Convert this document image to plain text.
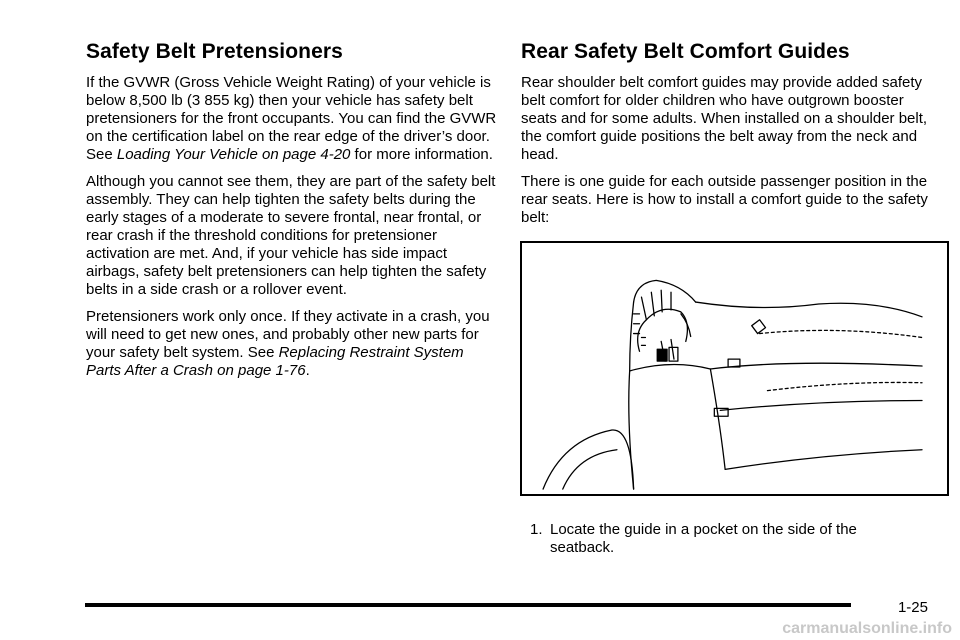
Safety Belt Pretensioners

If the GVWR (Gross Vehicle Weight Rating) of your vehicle is below 8,500 lb (3 855 kg) then your vehicle has safety belt pretensioners for the front occupants. You can find the GVWR on the certification label on the rear edge of the driver’s door. See Loading Your Vehicle on page 4-20 for more information.

Although you cannot see them, they are part of the safety belt assembly. They can help tighten the safety belts during the early stages of a moderate to severe frontal, near frontal, or rear crash if the threshold conditions for pretensioner activation are met. And, if your vehicle has side impact airbags, safety belt pretensioners can help tighten the safety belts in a side crash or a rollover event.

Pretensioners work only once. If they activate in a crash, you will need to get new ones, and probably other new parts for your safety belt system. See Replacing Restraint System Parts After a Crash on page 1-76.

Rear Safety Belt Comfort Guides

Rear shoulder belt comfort guides may provide added safety belt comfort for older children who have outgrown booster seats and for some adults. When installed on a shoulder belt, the comfort guide positions the belt away from the neck and head.

There is one guide for each outside passenger position in the rear seats. Here is how to install a comfort guide to the safety belt:

1. Locate the guide in a pocket on the side of the seatback.
1-25
carmanualsonline.info
